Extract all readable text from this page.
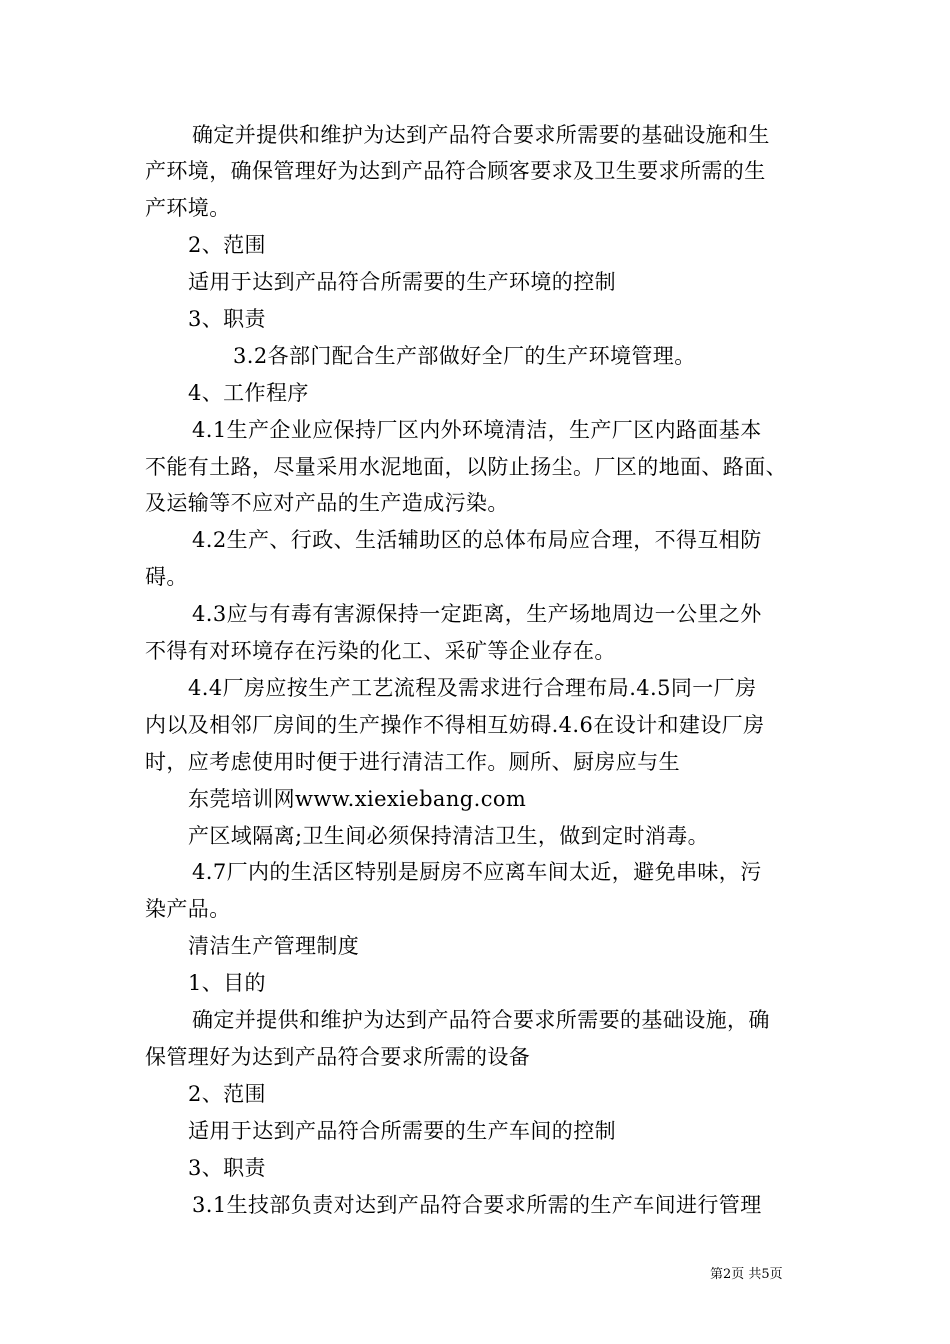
确定并提供和维护为达到产品符合要求所需要的基础设施和生
产环境，确保管理好为达到产品符合顾客要求及卫生要求所需的生
产环境。
2、范围
适用于达到产品符合所需要的生产环境的控制
3、职责
3.2各部门配合生产部做好全厂的生产环境管理。
4、工作程序
4.1生产企业应保持厂区内外环境清洁，生产厂区内路面基本
不能有土路，尽量采用水泥地面，以防止扬尘。厂区的地面、路面、
及运输等不应对产品的生产造成污染。
4.2生产、行政、生活辅助区的总体布局应合理，不得互相防
碍。
4.3应与有毒有害源保持一定距离，生产场地周边一公里之外
不得有对环境存在污染的化工、采矿等企业存在。
4.4厂房应按生产工艺流程及需求进行合理布局.4.5同一厂房
内以及相邻厂房间的生产操作不得相互妨碍.4.6在设计和建设厂房
时，应考虑使用时便于进行清洁工作。厕所、厨房应与生
东莞培训网www.xiexiebang.com
产区域隔离;卫生间必须保持清洁卫生，做到定时消毒。
4.7厂内的生活区特别是厨房不应离车间太近，避免串味，污
染产品。
清洁生产管理制度
1、目的
确定并提供和维护为达到产品符合要求所需要的基础设施，确
保管理好为达到产品符合要求所需的设备
2、范围
适用于达到产品符合所需要的生产车间的控制
3、职责
3.1生技部负责对达到产品符合要求所需的生产车间进行管理
第2页 共5页
